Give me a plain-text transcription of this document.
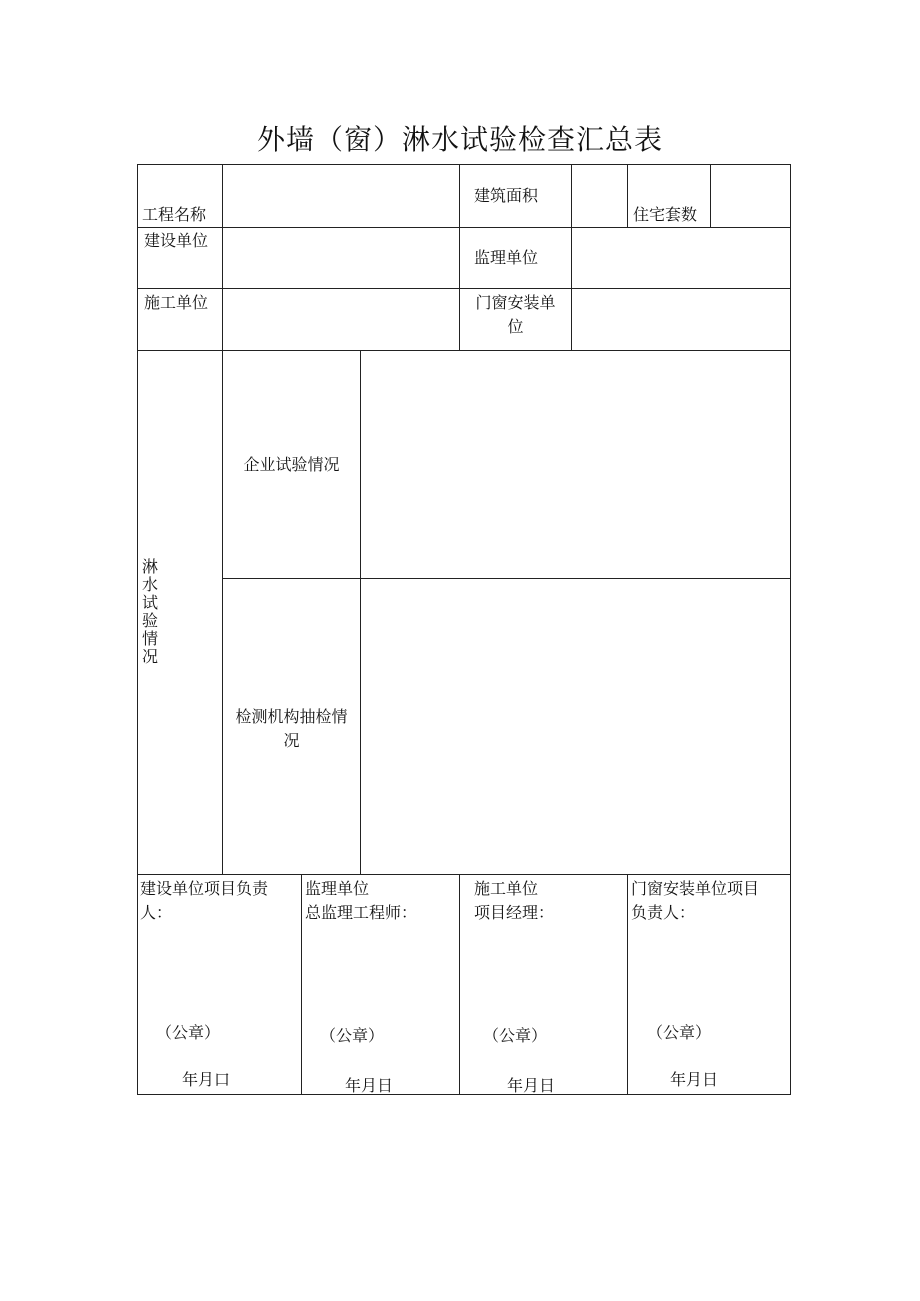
外墙（窗）淋水试验检查汇总表
工程名称
建筑面积
住宅套数
建设单位
监理单位
施工单位	门窗安装单
位
淋水试验情况
企业试验情况
检测机构抽检情
况
建设单位项目负责
人：
（公章）
年月口
监理单位
总监理工程师：
（公章）
年月日
施工单位
项目经理：
（公章）
年月日
门窗安装单位项目
负责人：
（公章）
年月日
